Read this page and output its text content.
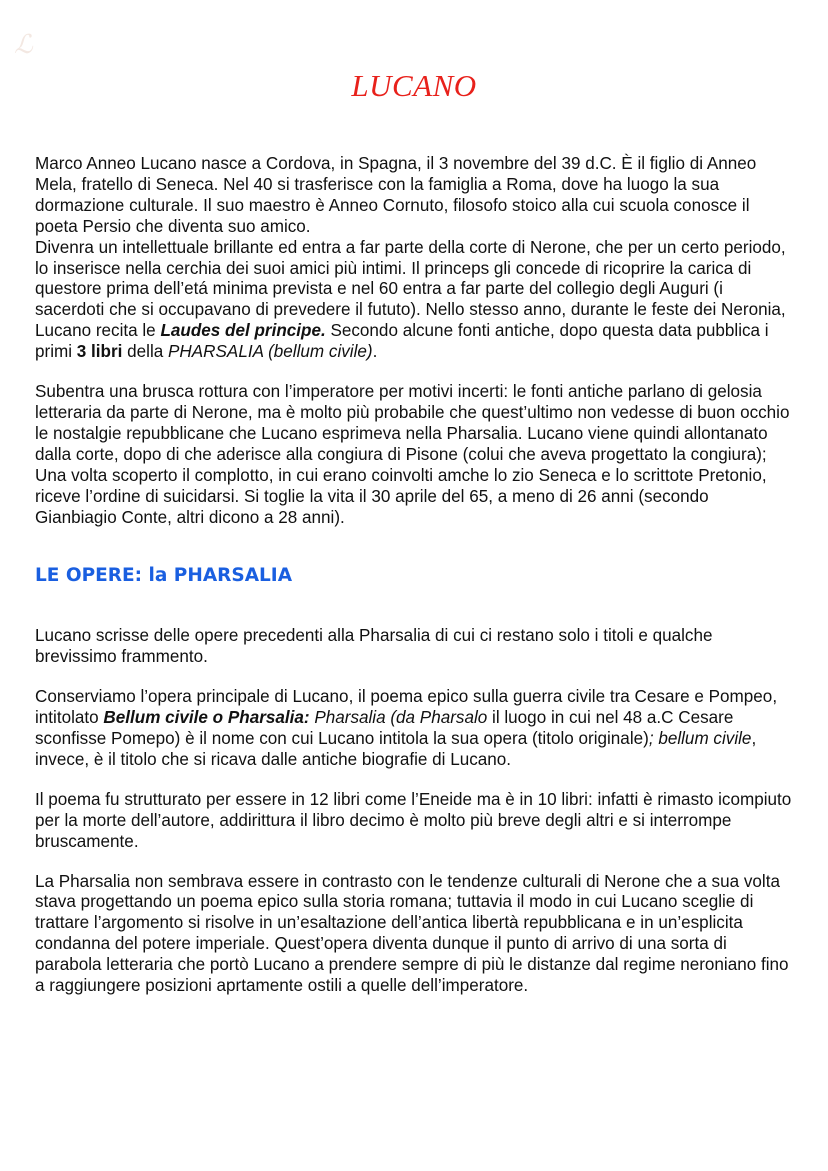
ℒ
LUCANO

Marco Anneo Lucano nasce a Cordova, in Spagna, il 3 novembre del 39 d.C. È il figlio di Anneo Mela, fratello di Seneca. Nel 40 si trasferisce con la famiglia a Roma, dove ha luogo la sua dormazione culturale. Il suo maestro è Anneo Cornuto, filosofo stoico alla cui scuola conosce il poeta Persio che diventa suo amico.

Divenra un intellettuale brillante ed entra a far parte della corte di Nerone, che per un certo periodo, lo inserisce nella cerchia dei suoi amici più intimi. Il princeps gli concede di ricoprire la carica di questore prima dell’etá minima prevista e nel 60 entra a far parte del collegio degli Auguri (i sacerdoti che si occupavano di prevedere il fututo). Nello stesso anno, durante le feste dei Neronia, Lucano recita le Laudes del principe. Secondo alcune fonti antiche, dopo questa data pubblica i primi 3 libri della PHARSALIA (bellum civile).

Subentra una brusca rottura con l’imperatore per motivi incerti: le fonti antiche parlano di gelosia letteraria da parte di Nerone, ma è molto più probabile che quest’ultimo non vedesse di buon occhio le nostalgie repubblicane che Lucano esprimeva nella Pharsalia. Lucano viene quindi allontanato dalla corte, dopo di che aderisce alla congiura di Pisone (colui che aveva progettato la congiura); Una volta scoperto il complotto, in cui erano coinvolti amche lo zio Seneca e lo scrittote Pretonio, riceve l’ordine di suicidarsi. Si toglie la vita il 30 aprile del 65, a meno di 26 anni (secondo Gianbiagio Conte, altri dicono a 28 anni).

LE OPERE: la PHARSALIA

Lucano scrisse delle opere precedenti alla Pharsalia di cui ci restano solo i titoli e qualche brevissimo frammento.

Conserviamo l’opera principale di Lucano, il poema epico sulla guerra civile tra Cesare e Pompeo, intitolato Bellum civile o Pharsalia: Pharsalia (da Pharsalo il luogo in cui nel 48 a.C Cesare sconfisse Pomepo) è il nome con cui Lucano intitola la sua opera (titolo originale); bellum civile, invece, è il titolo che si ricava dalle antiche biografie di Lucano.

Il poema fu strutturato per essere in 12 libri come l’Eneide ma è in 10 libri: infatti è rimasto icompiuto per la morte dell’autore, addirittura il libro decimo è molto più breve degli altri e si interrompe bruscamente.

La Pharsalia non sembrava essere in contrasto con le tendenze culturali di Nerone che a sua volta stava progettando un poema epico sulla storia romana; tuttavia il modo in cui Lucano sceglie di trattare l’argomento si risolve in un’esaltazione dell’antica libertà repubblicana e in un’esplicita condanna del potere imperiale. Quest’opera diventa dunque il punto di arrivo di una sorta di parabola letteraria che portò Lucano a prendere sempre di più le distanze dal regime neroniano fino a raggiungere posizioni aprtamente ostili a quelle dell’imperatore.
